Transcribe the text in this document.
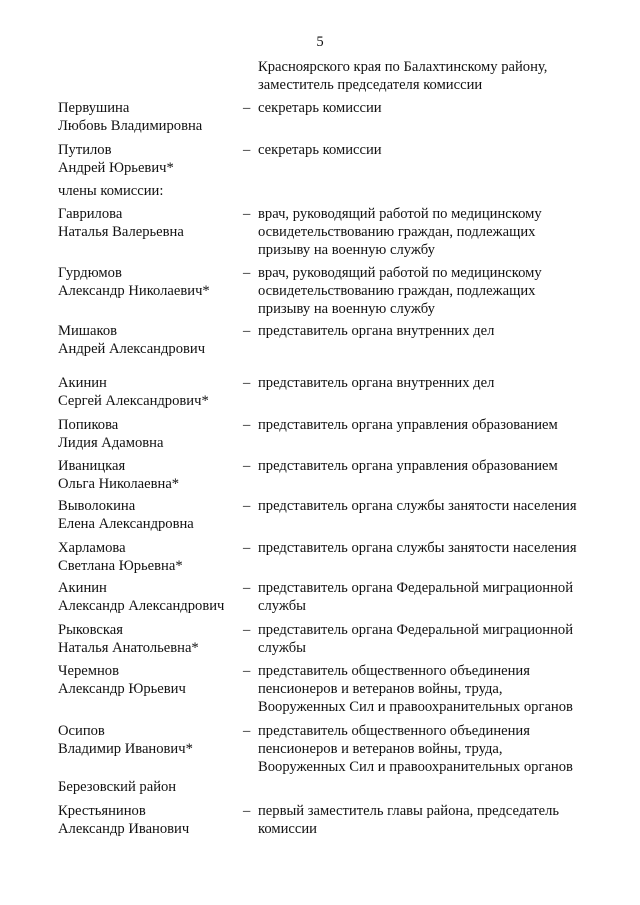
5
Красноярского края по Балахтинскому району,
заместитель председателя комиссии
Первушина
Любовь Владимировна
– секретарь комиссии
Путилов
Андрей Юрьевич*
– секретарь комиссии
члены комиссии:
Гаврилова
Наталья Валерьевна
– врач, руководящий работой по медицинскому
освидетельствованию граждан, подлежащих
призыву на военную службу
Гурдюмов
Александр Николаевич*
– врач, руководящий работой по медицинскому
освидетельствованию граждан, подлежащих
призыву на военную службу
Мишаков
Андрей Александрович
– представитель органа внутренних дел
Акинин
Сергей Александрович*
– представитель органа внутренних дел
Попикова
Лидия Адамовна
– представитель органа управления образованием
Иваницкая
Ольга Николаевна*
– представитель органа управления образованием
Выволокина
Елена Александровна
– представитель органа службы занятости населения
Харламова
Светлана Юрьевна*
– представитель органа службы занятости населения
Акинин
Александр Александрович
– представитель органа Федеральной миграционной
службы
Рыковская
Наталья Анатольевна*
– представитель органа Федеральной миграционной
службы
Черемнов
Александр Юрьевич
– представитель общественного объединения
пенсионеров и ветеранов войны, труда,
Вооруженных Сил и правоохранительных органов
Осипов
Владимир Иванович*
– представитель общественного объединения
пенсионеров и ветеранов войны, труда,
Вооруженных Сил и правоохранительных органов
Березовский район
Крестьянинов
Александр Иванович
– первый заместитель главы района, председатель
комиссии
